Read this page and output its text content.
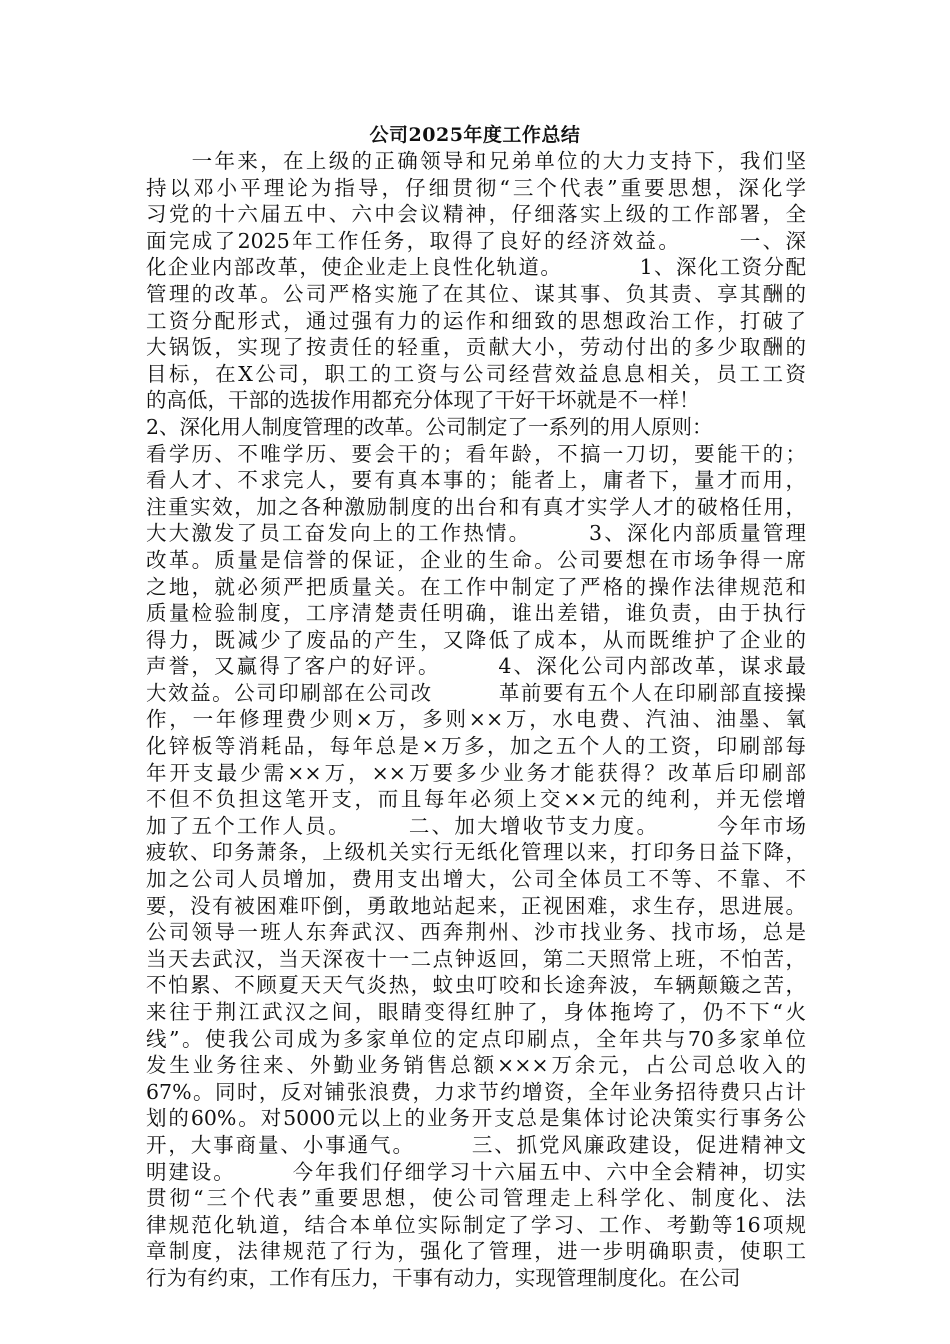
公司2025年度工作总结
　　一年来，在上级的正确领导和兄弟单位的大力支持下，我们坚
持以邓小平理论为指导，仔细贯彻“三个代表”重要思想，深化学
习党的十六届五中、六中会议精神，仔细落实上级的工作部署，全
面完成了2025年工作任务，取得了良好的经济效益。　　　一、深
化企业内部改革，使企业走上良性化轨道。　　　　1、深化工资分配
管理的改革。公司严格实施了在其位、谋其事、负其责、享其酬的
工资分配形式，通过强有力的运作和细致的思想政治工作，打破了
大锅饭，实现了按责任的轻重，贡献大小，劳动付出的多少取酬的
目标，在Ⅹ公司，职工的工资与公司经营效益息息相关，员工工资
的高低，干部的选拔作用都充分体现了干好干坏就是不一样！
2、深化用人制度管理的改革。公司制定了一系列的用人原则：
看学历、不唯学历、要会干的；看年龄，不搞一刀切，要能干的；
看人才、不求完人，要有真本事的；能者上，庸者下，量才而用，
注重实效，加之各种激励制度的出台和有真才实学人才的破格任用，
大大激发了员工奋发向上的工作热情。　　　3、深化内部质量管理
改革。质量是信誉的保证，企业的生命。公司要想在市场争得一席
之地，就必须严把质量关。在工作中制定了严格的操作法律规范和
质量检验制度，工序清楚责任明确，谁出差错，谁负责，由于执行
得力，既减少了废品的产生，又降低了成本，从而既维护了企业的
声誉，又赢得了客户的好评。　　　4、深化公司内部改革，谋求最
大效益。公司印刷部在公司改　　　革前要有五个人在印刷部直接操
作，一年修理费少则×万，多则××万，水电费、汽油、油墨、氧
化锌板等消耗品，每年总是×万多，加之五个人的工资，印刷部每
年开支最少需××万，××万要多少业务才能获得？改革后印刷部
不但不负担这笔开支，而且每年必须上交××元的纯利，并无偿增
加了五个工作人员。　　　二、加大增收节支力度。　　　今年市场
疲软、印务萧条，上级机关实行无纸化管理以来，打印务日益下降，
加之公司人员增加，费用支出增大，公司全体员工不等、不靠、不
要，没有被困难吓倒，勇敢地站起来，正视困难，求生存，思进展。
公司领导一班人东奔武汉、西奔荆州、沙市找业务、找市场，总是
当天去武汉，当天深夜十一二点钟返回，第二天照常上班，不怕苦，
不怕累、不顾夏天天气炎热，蚊虫叮咬和长途奔波，车辆颠簸之苦，
来往于荆江武汉之间，眼睛变得红肿了，身体拖垮了，仍不下“火
线”。使我公司成为多家单位的定点印刷点，全年共与70多家单位
发生业务往来、外勤业务销售总额×××万余元，占公司总收入的
67%。同时，反对铺张浪费，力求节约增资，全年业务招待费只占计
划的60%。对5000元以上的业务开支总是集体讨论决策实行事务公
开，大事商量、小事通气。　　　三、抓党风廉政建设，促进精神文
明建设。　　　今年我们仔细学习十六届五中、六中全会精神，切实
贯彻“三个代表”重要思想，使公司管理走上科学化、制度化、法
律规范化轨道，结合本单位实际制定了学习、工作、考勤等16项规
章制度，法律规范了行为，强化了管理，进一步明确职责，使职工
行为有约束，工作有压力，干事有动力，实现管理制度化。在公司
